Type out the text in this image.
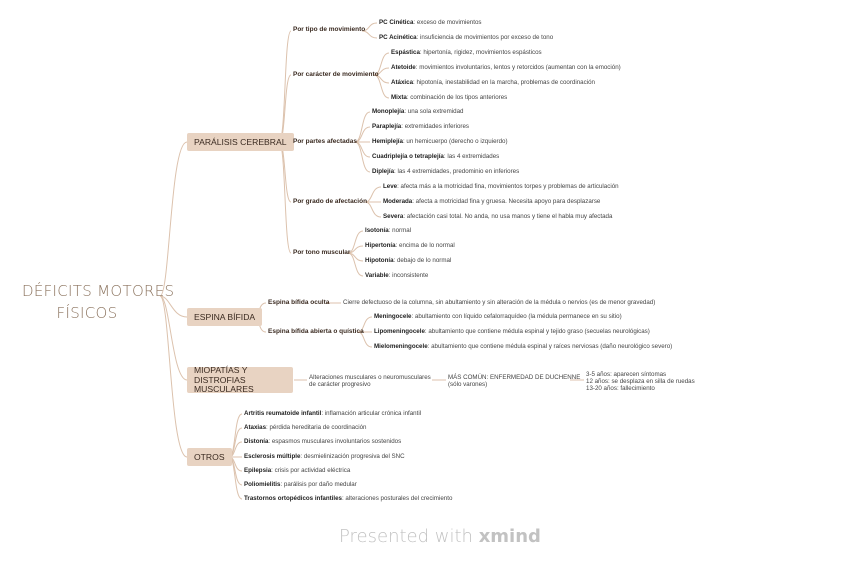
DÉFICITS MOTORES
FÍSICOS
PARÁLISIS CEREBRAL
Por tipo de movimiento
PC Cinética: exceso de movimientos
PC Acinética: insuficiencia de movimientos por exceso de tono
Por carácter de movimiento
Espástica: hipertonía, rigidez, movimientos espásticos
Atetoide: movimientos involuntarios, lentos y retorcidos (aumentan con la emoción)
Atáxica: hipotonía, inestabilidad en la marcha, problemas de coordinación
Mixta: combinación de los tipos anteriores
Por partes afectadas
Monoplejía: una sola extremidad
Paraplejía: extremidades inferiores
Hemiplejía: un hemicuerpo (derecho o izquierdo)
Cuadriplejía o tetraplejía: las 4 extremidades
Diplejía: las 4 extremidades, predominio en inferiores
Por grado de afectación
Leve: afecta más a la motricidad fina, movimientos torpes y problemas de articulación
Moderada: afecta a motricidad fina y gruesa. Necesita apoyo para desplazarse
Severa: afectación casi total. No anda, no usa manos y tiene el habla muy afectada
Por tono muscular
Isotonía: normal
Hipertonía: encima de lo normal
Hipotonía: debajo de lo normal
Variable: inconsistente
ESPINA BÍFIDA
Espina bífida oculta Cierre defectuoso de la columna, sin abultamiento y sin alteración de la médula o nervios (es de menor gravedad)
Espina bífida abierta o quística
Meningocele: abultamiento con líquido cefalorraquídeo (la médula permanece en su sitio)
Lipomeningocele: abultamiento que contiene médula espinal y tejido graso (secuelas neurológicas)
Mielomeningocele: abultamiento que contiene médula espinal y raíces nerviosas (daño neurológico severo)
MIOPATÍAS Y DISTROFIAS MUSCULARES
Alteraciones musculares o neuromusculares
de carácter progresivo
MÁS COMÚN: ENFERMEDAD DE DUCHENNE
(sólo varones)
3-5 años: aparecen síntomas
12 años: se desplaza en silla de ruedas
13-20 años: fallecimiento
OTROS
Artritis reumatoide infantil: inflamación articular crónica infantil
Ataxias: pérdida hereditaria de coordinación
Distonía: espasmos musculares involuntarios sostenidos
Esclerosis múltiple: desmielinización progresiva del SNC
Epilepsia: crisis por actividad eléctrica
Poliomielitis: parálisis por daño medular
Trastornos ortopédicos infantiles: alteraciones posturales del crecimiento
Presented with xmind
